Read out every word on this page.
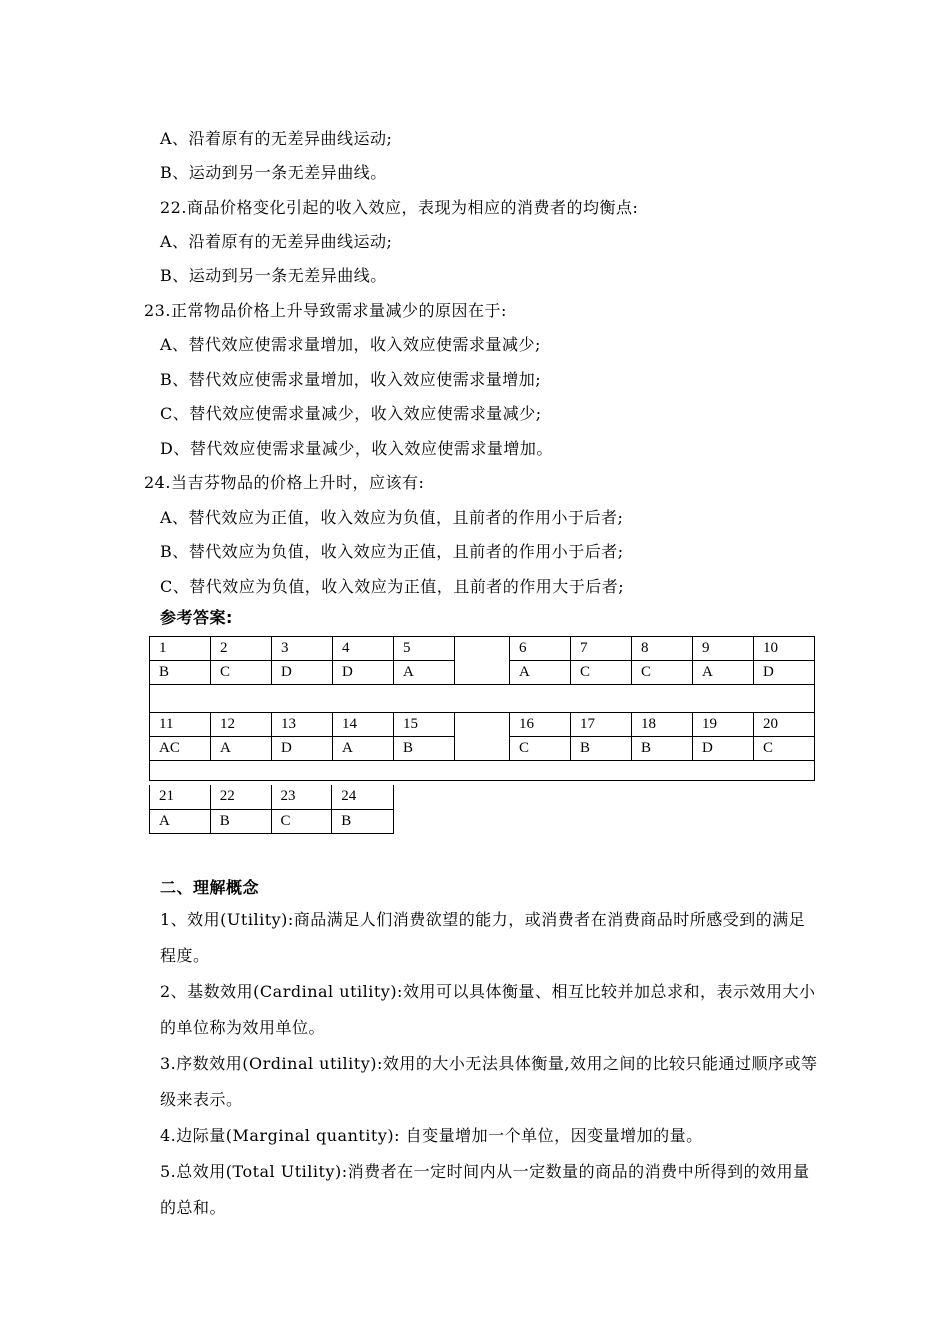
A、沿着原有的无差异曲线运动;
B、运动到另一条无差异曲线。
22.商品价格变化引起的收入效应，表现为相应的消费者的均衡点:
A、沿着原有的无差异曲线运动;
B、运动到另一条无差异曲线。
23.正常物品价格上升导致需求量减少的原因在于:
A、替代效应使需求量增加，收入效应使需求量减少;
B、替代效应使需求量增加，收入效应使需求量增加;
C、替代效应使需求量减少，收入效应使需求量减少;
D、替代效应使需求量减少，收入效应使需求量增加。
24.当吉芬物品的价格上升时，应该有:
A、替代效应为正值，收入效应为负值，且前者的作用小于后者;
B、替代效应为负值，收入效应为正值，且前者的作用小于后者;
C、替代效应为负值，收入效应为正值，且前者的作用大于后者;
参考答案:
1	2	3	4	5		6	7	8	9	10
B	C	D	D	A		A	C	C	A	D

11	12	13	14	15		16	17	18	19	20
AC	A	D	A	B		C	B	B	D	C

21	22	23	24
A	B	C	B
二、理解概念
1、效用(Utility):商品满足人们消费欲望的能力，或消费者在消费商品时所感受到的满足程度。
2、基数效用(Cardinal utility):效用可以具体衡量、相互比较并加总求和，表示效用大小的单位称为效用单位。
3.序数效用(Ordinal utility):效用的大小无法具体衡量,效用之间的比较只能通过顺序或等级来表示。
4.边际量(Marginal quantity): 自变量增加一个单位，因变量增加的量。
5.总效用(Total Utility):消费者在一定时间内从一定数量的商品的消费中所得到的效用量的总和。
